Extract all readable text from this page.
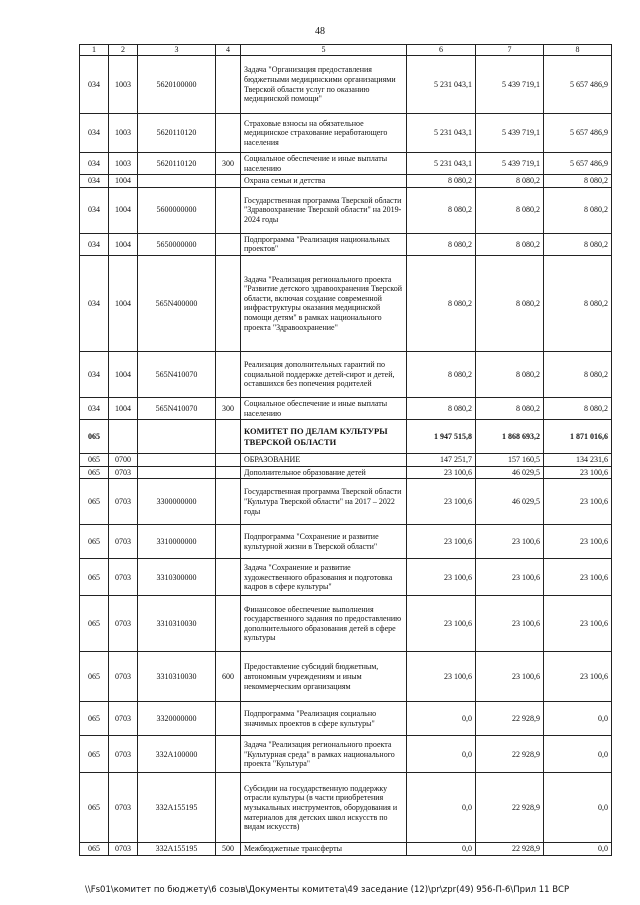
48
1	2	3	4	5	6	7	8
034	1003	5620100000		Задача "Организация предоставления бюджетными медицинскими организациями Тверской области услуг по оказанию медицинской помощи"	5 231 043,1	5 439 719,1	5 657 486,9
034	1003	5620110120		Страховые взносы на обязательное медицинское страхование неработающего населения	5 231 043,1	5 439 719,1	5 657 486,9
034	1003	5620110120	300	Социальное обеспечение и иные выплаты населению	5 231 043,1	5 439 719,1	5 657 486,9
034	1004			Охрана семьи и детства	8 080,2	8 080,2	8 080,2
034	1004	5600000000		Государственная программа Тверской области "Здравоохранение Тверской области" на 2019-2024 годы	8 080,2	8 080,2	8 080,2
034	1004	5650000000		Подпрограмма "Реализация национальных проектов"	8 080,2	8 080,2	8 080,2
034	1004	565N400000		Задача "Реализация регионального проекта "Развитие детского здравоохранения Тверской области, включая создание современной инфраструктуры оказания медицинской помощи детям" в рамках национального проекта "Здравоохранение"	8 080,2	8 080,2	8 080,2
034	1004	565N410070		Реализация дополнительных гарантий по социальной поддержке детей-сирот и детей, оставшихся без попечения родителей	8 080,2	8 080,2	8 080,2
034	1004	565N410070	300	Социальное обеспечение и иные выплаты населению	8 080,2	8 080,2	8 080,2
065				КОМИТЕТ ПО ДЕЛАМ КУЛЬТУРЫ ТВЕРСКОЙ ОБЛАСТИ	1 947 515,8	1 868 693,2	1 871 016,6
065	0700			ОБРАЗОВАНИЕ	147 251,7	157 160,5	134 231,6
065	0703			Дополнительное образование детей	23 100,6	46 029,5	23 100,6
065	0703	3300000000		Государственная программа Тверской области "Культура Тверской области" на 2017 – 2022 годы	23 100,6	46 029,5	23 100,6
065	0703	3310000000		Подпрограмма "Сохранение и развитие культурной жизни в Тверской области"	23 100,6	23 100,6	23 100,6
065	0703	3310300000		Задача "Сохранение и развитие художественного образования и подготовка кадров в сфере культуры"	23 100,6	23 100,6	23 100,6
065	0703	3310310030		Финансовое обеспечение выполнения государственного задания по предоставлению дополнительного образования детей в сфере культуры	23 100,6	23 100,6	23 100,6
065	0703	3310310030	600	Предоставление субсидий бюджетным, автономным учреждениям и иным некоммерческим организациям	23 100,6	23 100,6	23 100,6
065	0703	3320000000		Подпрограмма "Реализация социально значимых проектов в сфере культуры"	0,0	22 928,9	0,0
065	0703	332A100000		Задача "Реализация регионального проекта "Культурная среда" в рамках национального проекта "Культура"	0,0	22 928,9	0,0
065	0703	332A155195		Субсидии на государственную поддержку отрасли культуры (в части приобретения музыкальных инструментов, оборудования и материалов для детских школ искусств по видам искусств)	0,0	22 928,9	0,0
065	0703	332A155195	500	Межбюджетные трансферты	0,0	22 928,9	0,0
\\Fs01\комитет по бюджету\6 созыв\Документы комитета\49 заседание (12)\pr\zpr(49) 956-П-6\Прил 11 ВСР
